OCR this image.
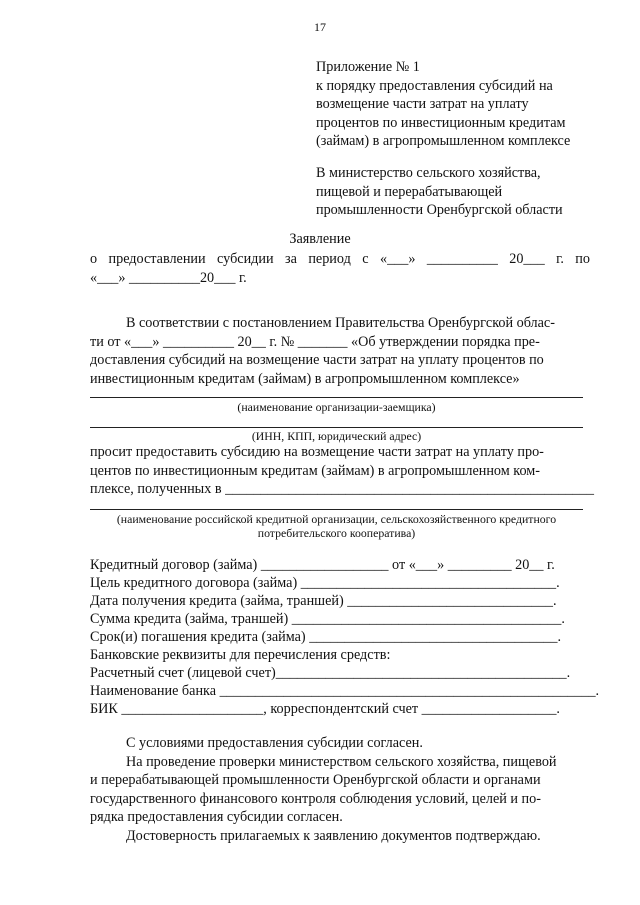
17
Приложение № 1
к порядку предоставления субсидий на
возмещение части затрат на уплату
процентов по инвестиционным кредитам
(займам) в агропромышленном комплексе
В министерство сельского хозяйства,
пищевой и перерабатывающей
промышленности Оренбургской области
Заявление
о предоставлении субсидии за период с «___» __________ 20___ г. по
«___» __________20___ г.
В соответствии с постановлением Правительства Оренбургской облас-
ти от «___» __________ 20__ г. № _______ «Об утверждении порядка пре-
доставления субсидий на возмещение части затрат на уплату процентов по
инвестиционным кредитам (займам) в агропромышленном комплексе»
(наименование организации-заемщика)
(ИНН, КПП, юридический адрес)
просит предоставить субсидию на возмещение части затрат на уплату про-
центов по инвестиционным кредитам (займам) в агропромышленном ком-
плексе, полученных в ____________________________________________________
(наименование российской кредитной организации, сельскохозяйственного кредитного
потребительского кооператива)
Кредитный договор (займа) __________________ от «___» _________ 20__ г.
Цель кредитного договора (займа) ____________________________________.
Дата получения кредита (займа, траншей) _____________________________.
Сумма кредита (займа, траншей) ______________________________________.
Срок(и) погашения кредита (займа) ___________________________________.
Банковские реквизиты для перечисления средств:
Расчетный счет (лицевой счет)_________________________________________.
Наименование банка _____________________________________________________.
БИК ____________________, корреспондентский счет ___________________.
С условиями предоставления субсидии согласен.
На проведение проверки министерством сельского хозяйства, пищевой
и перерабатывающей промышленности Оренбургской области и органами
государственного финансового контроля соблюдения условий, целей и по-
рядка предоставления субсидии согласен.
Достоверность прилагаемых к заявлению документов подтверждаю.
